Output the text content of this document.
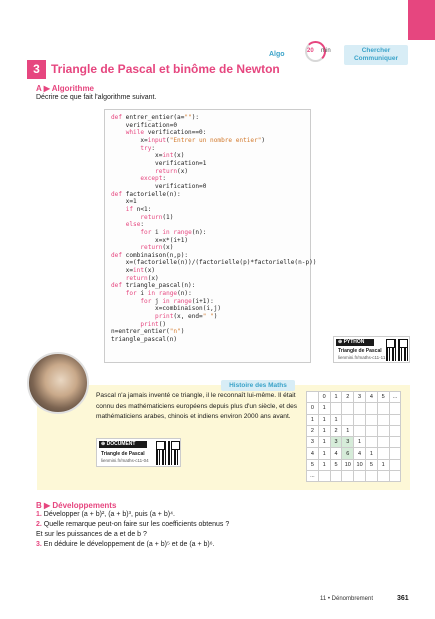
Algo	20 min	Chercher
Communiquer
3 Triangle de Pascal et binôme de Newton
A ▶ Algorithme
Décrire ce que fait l'algorithme suivant.
def entrer_entier(a=""):
verification=0
while verification==0:
x=input("Entrer un nombre entier")
try:
x=int(x)
verification=1
return(x)
except:
verification=0
def factorielle(n):
x=1
if n<1:
return(1)
else:
for i in range(n):
x=x*(i+1)
return(x)
def combinaison(n,p):
x=(factorielle(n))/(factorielle(p)*factorielle(n-p))
x=int(x)
return(x)
def triangle_pascal(n):
for i in range(n):
for j in range(i+1):
x=combinaison(i,j)
print(x, end=" ")
print()
n=entrer_entier("n")
triangle_pascal(n)	⊕ PYTHON
Triangle de Pascal
lienmini.fr/maths-c11-11
Histoire des Maths
Pascal n'a jamais inventé ce triangle, il le reconnaît lui-même. Il était connu des mathématiciens européens depuis plus d'un siècle, et des mathématiciens arabes, chinois et indiens environ 2000 ans avant.
⊕ DOCUMENT
Triangle de Pascal
lienmini.fr/maths-c11-04
	0	1	2	3	4	5	...
0	1						
1	1	1					
2	1	2	1				
3	1	3	3	1			
4	1	4	6	4	1		
5	1	5	10	10	5	1	
...							
B ▶ Développements
1. Développer (a + b)², (a + b)³, puis (a + b)⁴.
2. Quelle remarque peut-on faire sur les coefficients obtenus ?
Et sur les puissances de a et de b ?
3. En déduire le développement de (a + b)⁵ et de (a + b)⁶.
11 • Dénombrement	361
